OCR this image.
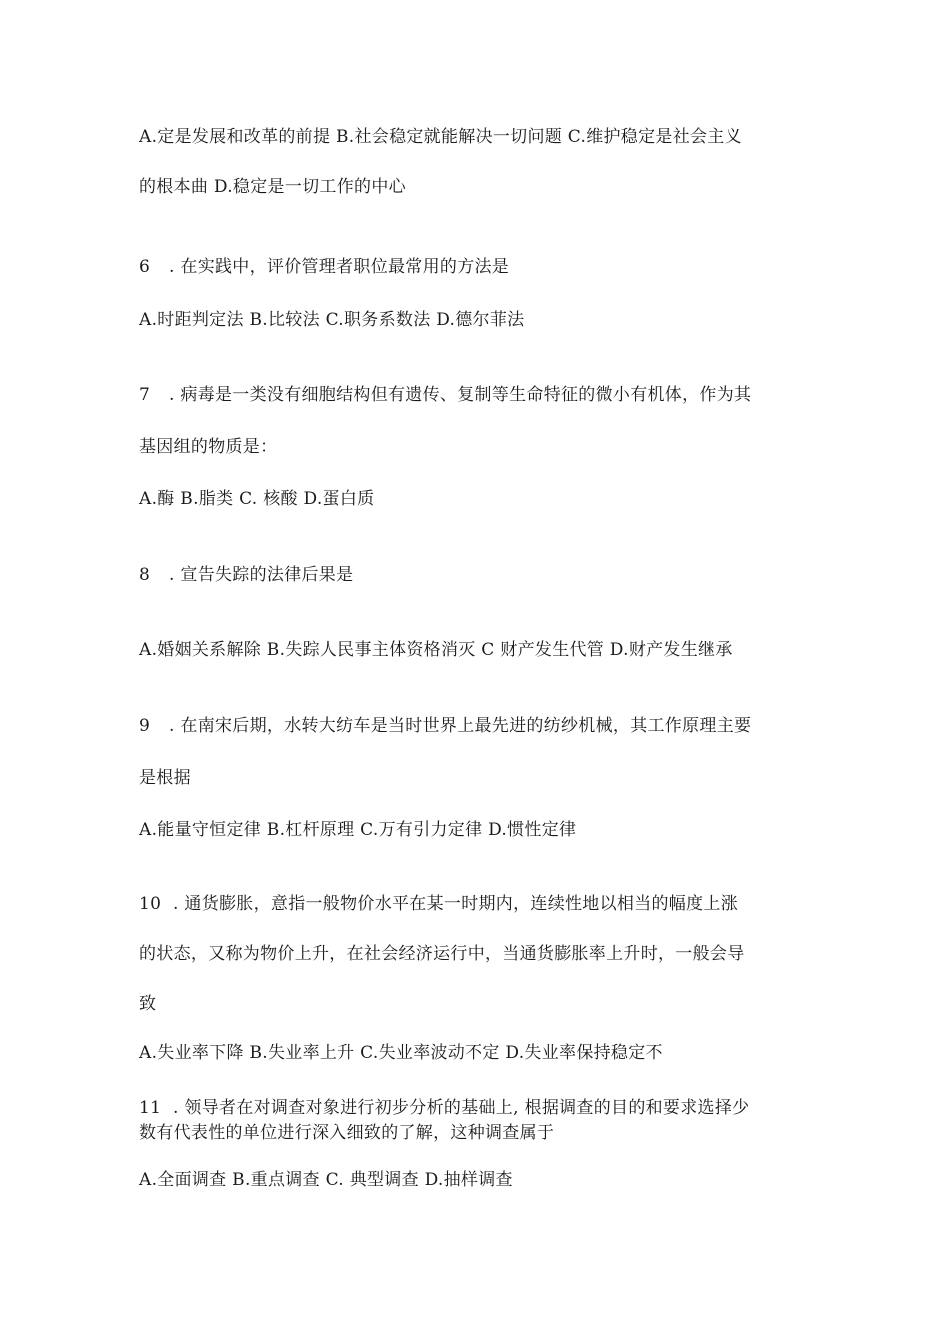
A.定是发展和改革的前提 B.社会稳定就能解决一切问题 C.维护稳定是社会主义
的根本曲 D.稳定是一切工作的中心
6 . 在实践中，评价管理者职位最常用的方法是
A.时距判定法 B.比较法 C.职务系数法 D.德尔菲法
7 . 病毒是一类没有细胞结构但有遗传、复制等生命特征的微小有机体，作为其
基因组的物质是：
A.酶 B.脂类 C. 核酸 D.蛋白质
8 . 宣告失踪的法律后果是
A.婚姻关系解除 B.失踪人民事主体资格消灭 C 财产发生代管 D.财产发生继承
9 . 在南宋后期，水转大纺车是当时世界上最先进的纺纱机械，其工作原理主要
是根据
A.能量守恒定律 B.杠杆原理 C.万有引力定律 D.惯性定律
10 . 通货膨胀，意指一般物价水平在某一时期内，连续性地以相当的幅度上涨
的状态，又称为物价上升，在社会经济运行中，当通货膨胀率上升时，一般会导
致
A.失业率下降 B.失业率上升 C.失业率波动不定 D.失业率保持稳定不
11 . 领导者在对调查对象进行初步分析的基础上, 根据调查的目的和要求选择少
数有代表性的单位进行深入细致的了解，这种调查属于
A.全面调查 B.重点调查 C. 典型调查 D.抽样调查
